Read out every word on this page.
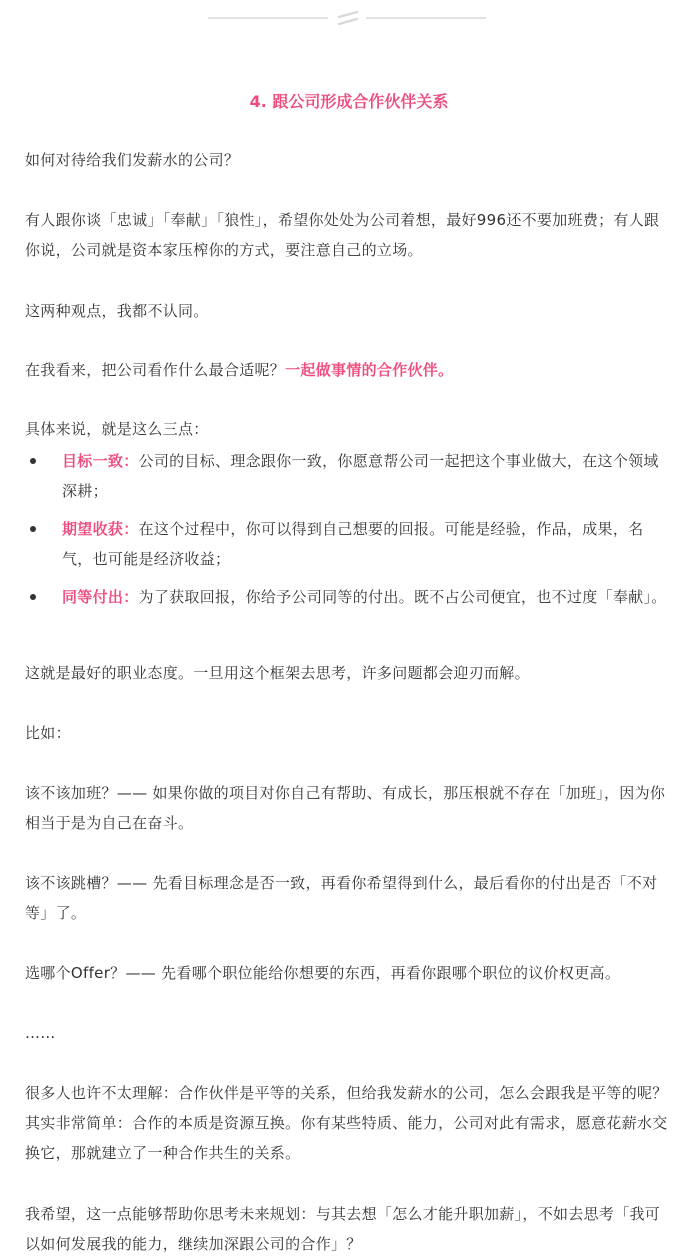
4. 跟公司形成合作伙伴关系

如何对待给我们发薪水的公司？

有人跟你谈「忠诚」「奉献」「狼性」，希望你处处为公司着想，最好996还不要加班费；有人跟你说，公司就是资本家压榨你的方式，要注意自己的立场。

这两种观点，我都不认同。

在我看来，把公司看作什么最合适呢？一起做事情的合作伙伴。

具体来说，就是这么三点：

目标一致：公司的目标、理念跟你一致，你愿意帮公司一起把这个事业做大，在这个领域深耕；
期望收获：在这个过程中，你可以得到自己想要的回报。可能是经验，作品，成果，名气，也可能是经济收益；
同等付出：为了获取回报，你给予公司同等的付出。既不占公司便宜，也不过度「奉献」。

这就是最好的职业态度。一旦用这个框架去思考，许多问题都会迎刃而解。

比如：

该不该加班？—— 如果你做的项目对你自己有帮助、有成长，那压根就不存在「加班」，因为你相当于是为自己在奋斗。

该不该跳槽？—— 先看目标理念是否一致，再看你希望得到什么，最后看你的付出是否「不对等」了。

选哪个Offer？—— 先看哪个职位能给你想要的东西，再看你跟哪个职位的议价权更高。

……

很多人也许不太理解：合作伙伴是平等的关系，但给我发薪水的公司，怎么会跟我是平等的呢？其实非常简单：合作的本质是资源互换。你有某些特质、能力，公司对此有需求，愿意花薪水交换它，那就建立了一种合作共生的关系。

我希望，这一点能够帮助你思考未来规划：与其去想「怎么才能升职加薪」，不如去思考「我可以如何发展我的能力，继续加深跟公司的合作」？
